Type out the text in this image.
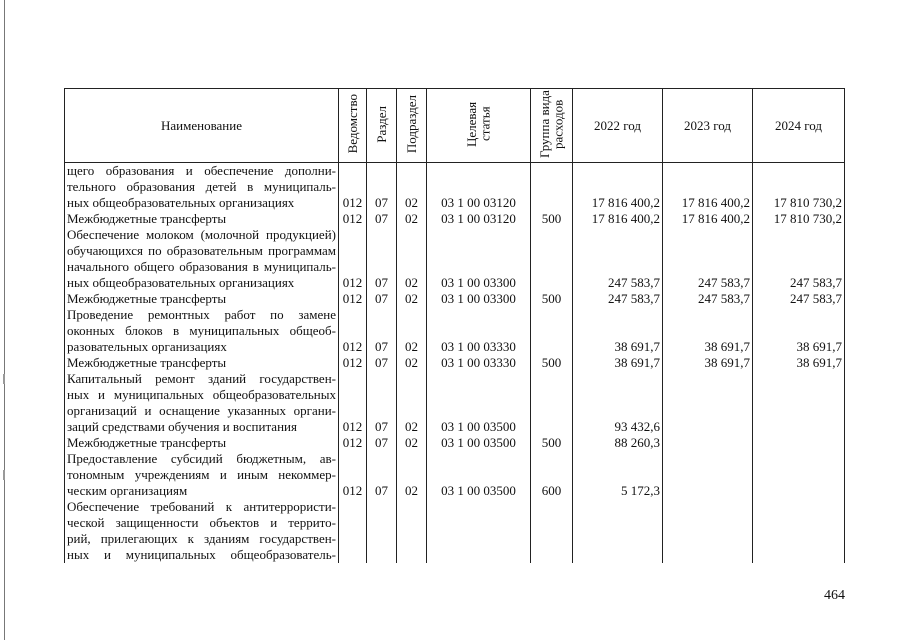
Наименование	Ведомство	Раздел	Подраздел	Целевая статья	Группа вида расходов	2022 год	2023 год	2024 год
щего образования и обеспечение дополни-								
тельного образования детей в муниципаль-								
ных общеобразовательных организациях	012	07	02	03 1 00 03120		17 816 400,2	17 816 400,2	17 810 730,2
Межбюджетные трансферты	012	07	02	03 1 00 03120	500	17 816 400,2	17 816 400,2	17 810 730,2
Обеспечение молоком (молочной продукцией)								
обучающихся по образовательным программам								
начального общего образования в муниципаль-								
ных общеобразовательных организациях	012	07	02	03 1 00 03300		247 583,7	247 583,7	247 583,7
Межбюджетные трансферты	012	07	02	03 1 00 03300	500	247 583,7	247 583,7	247 583,7
Проведение ремонтных работ по замене								
оконных блоков в муниципальных общеоб-								
разовательных организациях	012	07	02	03 1 00 03330		38 691,7	38 691,7	38 691,7
Межбюджетные трансферты	012	07	02	03 1 00 03330	500	38 691,7	38 691,7	38 691,7
Капитальный ремонт зданий государствен-								
ных и муниципальных общеобразовательных								
организаций и оснащение указанных органи-								
заций средствами обучения и воспитания	012	07	02	03 1 00 03500		93 432,6		
Межбюджетные трансферты	012	07	02	03 1 00 03500	500	88 260,3		
Предоставление субсидий бюджетным, ав-								
тономным учреждениям и иным некоммер-								
ческим организациям	012	07	02	03 1 00 03500	600	5 172,3		
Обеспечение требований к антитеррористи-								
ческой защищенности объектов и террито-								
рий, прилегающих к зданиям государствен-								
ных и муниципальных общеобразователь-								
464
